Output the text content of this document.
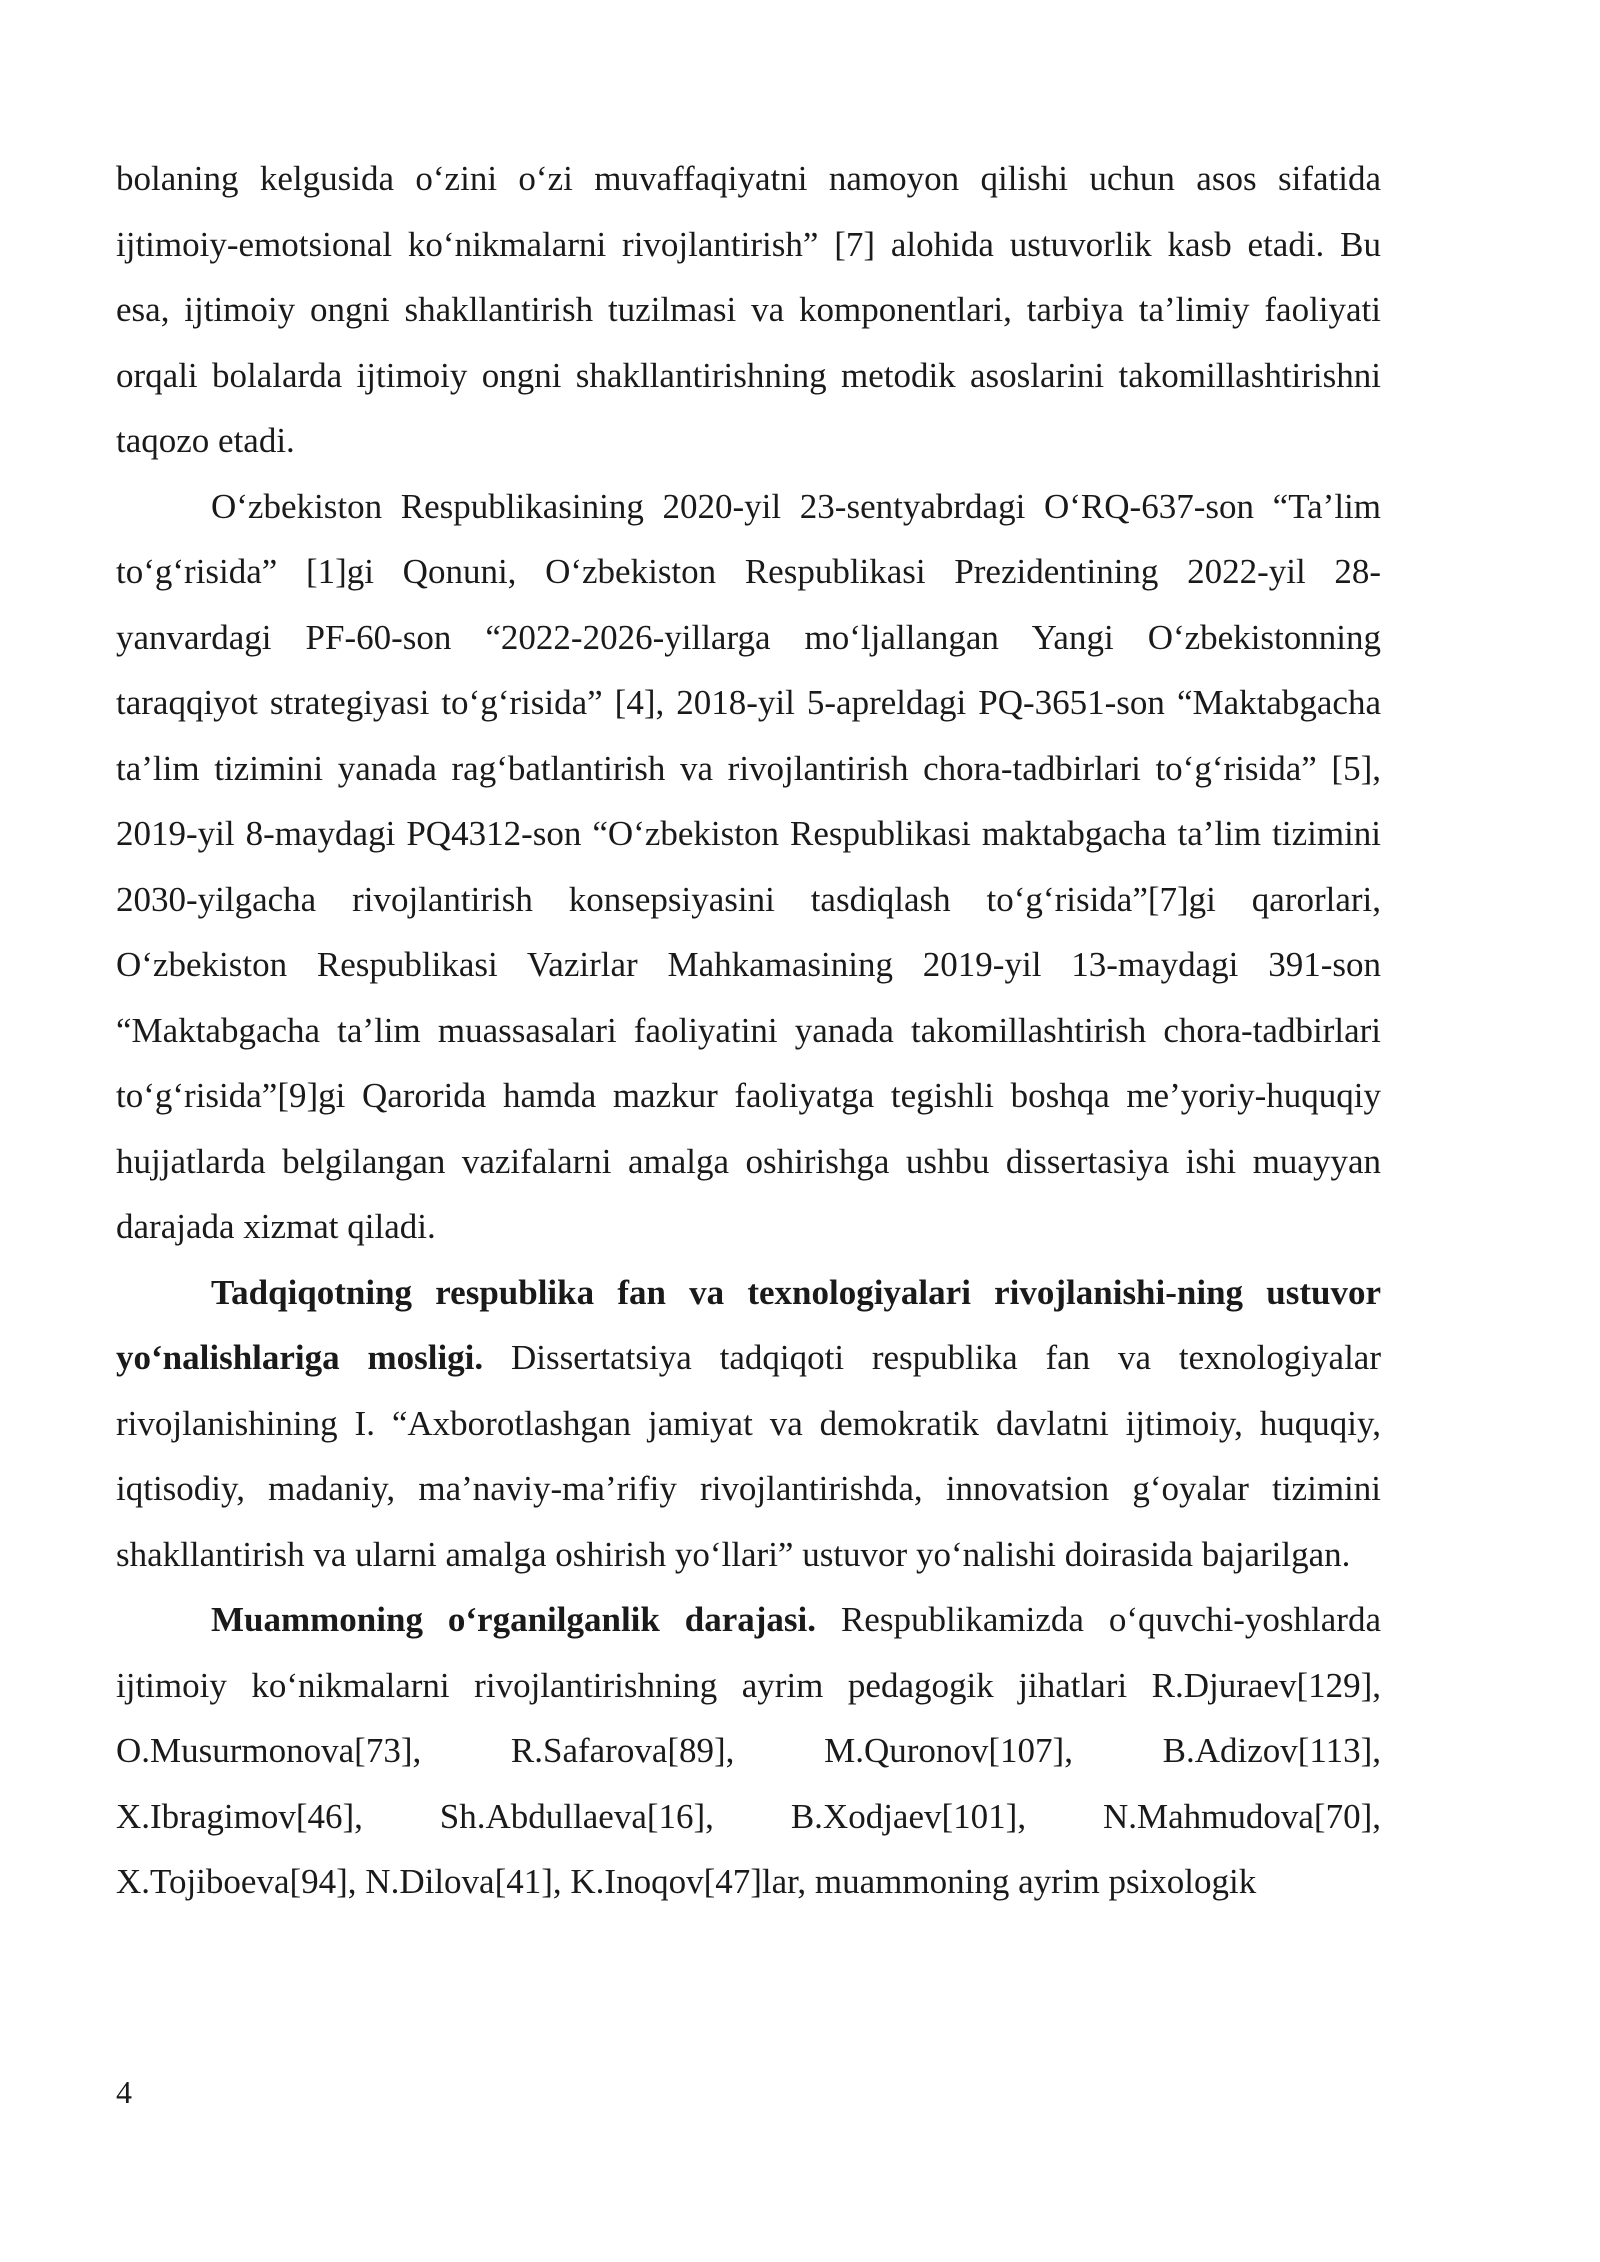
bolaning kelgusida o‘zini o‘zi muvaffaqiyatni namoyon qilishi uchun asos sifatida ijtimoiy-emotsional ko‘nikmalarni rivojlantirish” [7] alohida ustuvorlik kasb etadi. Bu esa, ijtimoiy ongni shakllantirish tuzilmasi va komponentlari, tarbiya ta’limiy faoliyati orqali bolalarda ijtimoiy ongni shakllantirishning metodik asoslarini takomillashtirishni taqozo etadi.

O‘zbekiston Respublikasining 2020-yil 23-sentyabrdagi O‘RQ-637-son “Ta’lim to‘g‘risida” [1]gi Qonuni, O‘zbekiston Respublikasi Prezidentining 2022-yil 28-yanvardagi PF-60-son “2022-2026-yillarga mo‘ljallangan Yangi O‘zbekistonning taraqqiyot strategiyasi to‘g‘risida” [4], 2018-yil 5-apreldagi PQ-3651-son “Maktabgacha ta’lim tizimini yanada rag‘batlantirish va rivojlantirish chora-tadbirlari to‘g‘risida” [5], 2019-yil 8-maydagi PQ4312-son “O‘zbekiston Respublikasi maktabgacha ta’lim tizimini 2030-yilgacha rivojlantirish konsepsiyasini tasdiqlash to‘g‘risida”[7]gi qarorlari, O‘zbekiston Respublikasi Vazirlar Mahkamasining 2019-yil 13-maydagi 391-son “Maktabgacha ta’lim muassasalari faoliyatini yanada takomillashtirish chora-tadbirlari to‘g‘risida”[9]gi Qarorida hamda mazkur faoliyatga tegishli boshqa me’yoriy-huquqiy hujjatlarda belgilangan vazifalarni amalga oshirishga ushbu dissertasiya ishi muayyan darajada xizmat qiladi.

Tadqiqotning respublika fan va texnologiyalari rivojlanishi-ning ustuvor yo‘nalishlariga mosligi. Dissertatsiya tadqiqoti respublika fan va texnologiyalar rivojlanishining I. “Axborotlashgan jamiyat va demokratik davlatni ijtimoiy, huquqiy, iqtisodiy, madaniy, ma’naviy-ma’rifiy rivojlantirishda, innovatsion g‘oyalar tizimini shakllantirish va ularni amalga oshirish yo‘llari” ustuvor yo‘nalishi doirasida bajarilgan.

Muammoning o‘rganilganlik darajasi. Respublikamizda o‘quvchi-yoshlarda ijtimoiy ko‘nikmalarni rivojlantirishning ayrim pedagogik jihatlari R.Djuraev[129], O.Musurmonova[73], R.Safarova[89], M.Quronov[107], B.Adizov[113], X.Ibragimov[46], Sh.Abdullaeva[16], B.Xodjaev[101], N.Mahmudova[70], X.Tojiboeva[94], N.Dilova[41], K.Inoqov[47]lar, muammoning ayrim psixologik

4
